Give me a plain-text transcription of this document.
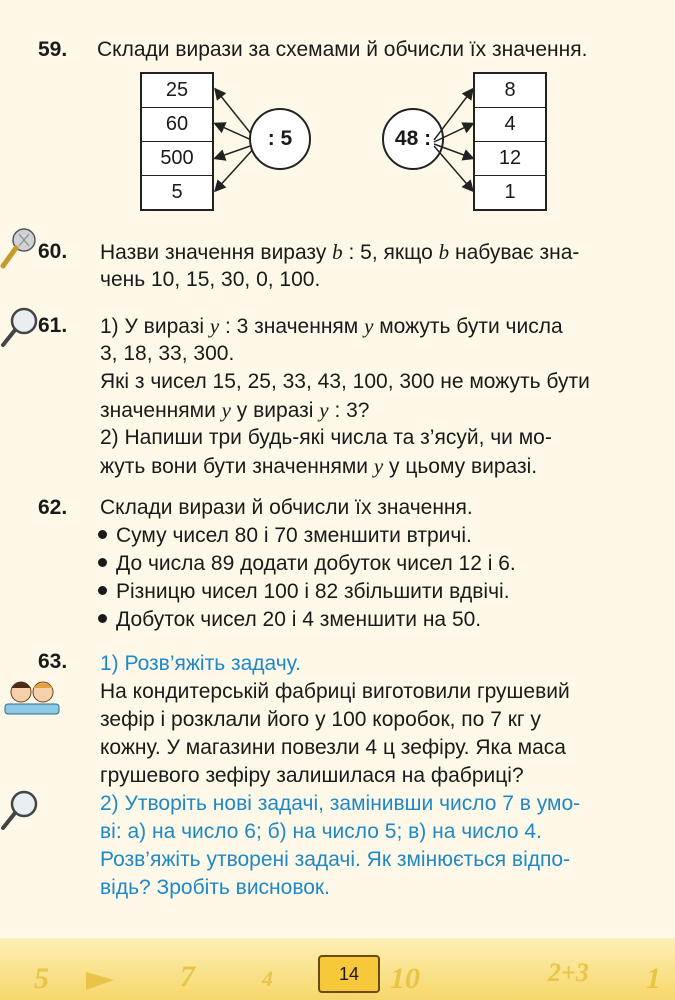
59. Склади вирази за схемами й обчисли їх значення.
25
60
500
5
: 5	48 :
8
4
12
1
60. Назви значення виразу b : 5, якщо b набуває зна-
чень 10, 15, 30, 0, 100.
61. 1) У виразі y : 3 значенням y можуть бути числа
3, 18, 33, 300.
Які з чисел 15, 25, 33, 43, 100, 300 не можуть бути
значеннями y у виразі y : 3?
2) Напиши три будь-які числа та з’ясуй, чи мо-
жуть вони бути значеннями y у цьому виразі.
62. Склади вирази й обчисли їх значення.
Суму чисел 80 і 70 зменшити втричі.
До числа 89 додати добуток чисел 12 і 6.
Різницю чисел 100 і 82 збільшити вдвічі.
Добуток чисел 20 і 4 зменшити на 50.
63. 1) Розв’яжіть задачу.
На кондитерській фабриці виготовили грушевий
зефір і розклали його у 100 коробок, по 7 кг у
кожну. У магазини повезли 4 ц зефіру. Яка маса
грушевого зефіру залишилася на фабриці?
2) Утворіть нові задачі, замінивши число 7 в умо-
ві: а) на число 6; б) на число 5; в) на число 4.
Розв’яжіть утворені задачі. Як змінюється відпо-
відь? Зробіть висновок.
5	7	4	10	2+3 1
14
